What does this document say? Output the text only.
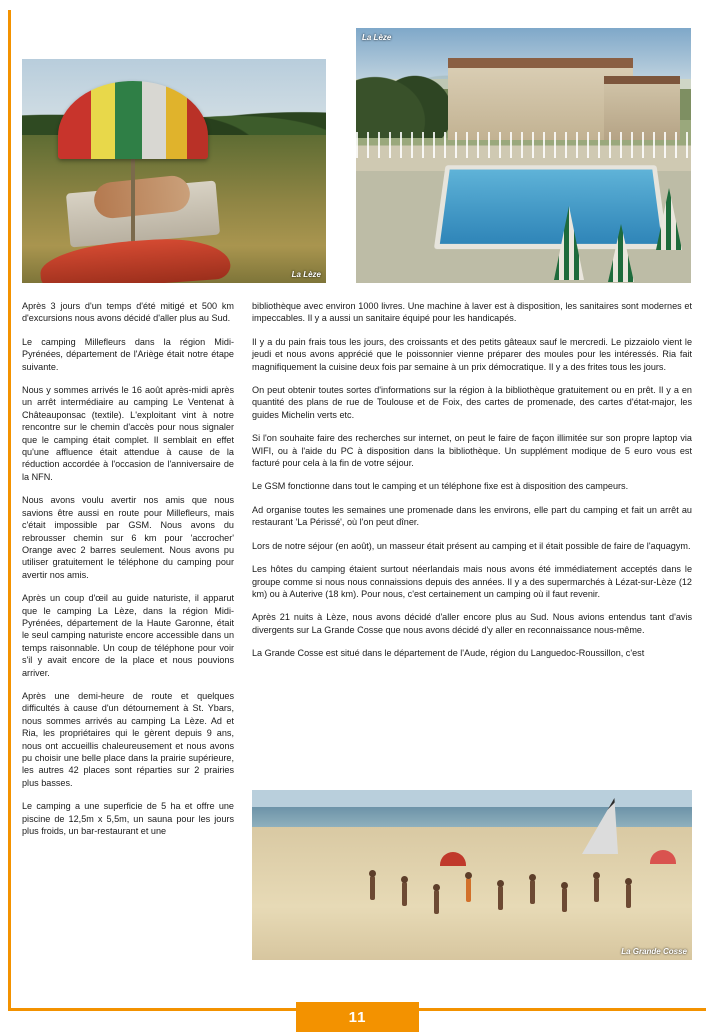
11
La Lèze
La Lèze
La Grande Cosse

Après 3 jours d'un temps d'été mitigé et 500 km d'excursions nous avons décidé d'aller plus au Sud.

Le camping Millefleurs dans la région Midi-Pyrénées, département de l'Ariège était notre étape suivante.

Nous y sommes arrivés le 16 août après-midi après un arrêt intermédiaire au camping Le Ventenat à Châteauponsac (textile). L'exploitant vint à notre rencontre sur le chemin d'accès pour nous signaler que le camping était complet. Il semblait en effet qu'une affluence était attendue à cause de la réduction accordée à l'occasion de l'anniversaire de la NFN.

Nous avons voulu avertir nos amis que nous savions être aussi en route pour Millefleurs, mais c'était impossible par GSM. Nous avons du rebrousser chemin sur 6 km pour 'accrocher' Orange avec 2 barres seulement. Nous avons pu utiliser gratuitement le téléphone du camping pour avertir nos amis.

Après un coup d'œil au guide naturiste, il apparut que le camping La Lèze, dans la région Midi-Pyrénées, département de la Haute Garonne, était le seul camping naturiste encore accessible dans un temps raisonnable. Un coup de téléphone pour voir s'il y avait encore de la place et nous pouvions arriver.

Après une demi-heure de route et quelques difficultés à cause d'un détournement à St. Ybars, nous sommes arrivés au camping La Lèze. Ad et Ria, les propriétaires qui le gèrent depuis 9 ans, nous ont accueillis chaleureusement et nous avons pu choisir une belle place dans la prairie supérieure, les autres 42 places sont réparties sur 2 prairies plus basses.

Le camping a une superficie de 5 ha et offre une piscine de 12,5m x 5,5m, un sauna pour les jours plus froids, un bar-restaurant et une

bibliothèque avec environ 1000 livres. Une machine à laver est à disposition, les sanitaires sont modernes et impeccables. Il y a aussi un sanitaire équipé pour les handicapés.

Il y a du pain frais tous les jours, des croissants et des petits gâteaux sauf le mercredi. Le pizzaiolo vient le jeudi et nous avons apprécié que le poissonnier vienne préparer des moules pour les intéressés. Ria fait magnifiquement la cuisine deux fois par semaine à un prix démocratique. Il y a des frites tous les jours.

On peut obtenir toutes sortes d'informations sur la région à la bibliothèque gratuitement ou en prêt. Il y a en quantité des plans de rue de Toulouse et de Foix, des cartes de promenade, des cartes d'état-major, les guides Michelin verts etc.

Si l'on souhaite faire des recherches sur internet, on peut le faire de façon illimitée sur son propre laptop via WIFI, ou à l'aide du PC à disposition dans la bibliothèque. Un supplément modique de 5 euro vous est facturé pour cela à la fin de votre séjour.

Le GSM fonctionne dans tout le camping et un téléphone fixe est à disposition des campeurs.

Ad organise toutes les semaines une promenade dans les environs, elle part du camping et fait un arrêt au restaurant 'La Périssé', où l'on peut dîner.

Lors de notre séjour (en août), un masseur était présent au camping et il était possible de faire de l'aquagym.

Les hôtes du camping étaient surtout néerlandais mais nous avons été immédiatement acceptés dans le groupe comme si nous nous connaissions depuis des années. Il y a des supermarchés à Lézat-sur-Lèze (12 km) ou à Auterive (18 km). Pour nous, c'est certainement un camping où il faut revenir.

Après 21 nuits à Lèze, nous avons décidé d'aller encore plus au Sud. Nous avions entendus tant d'avis divergents sur La Grande Cosse que nous avons décidé d'y aller en reconnaissance nous-même.

La Grande Cosse est situé dans le département de l'Aude, région du Languedoc-Roussillon, c'est
